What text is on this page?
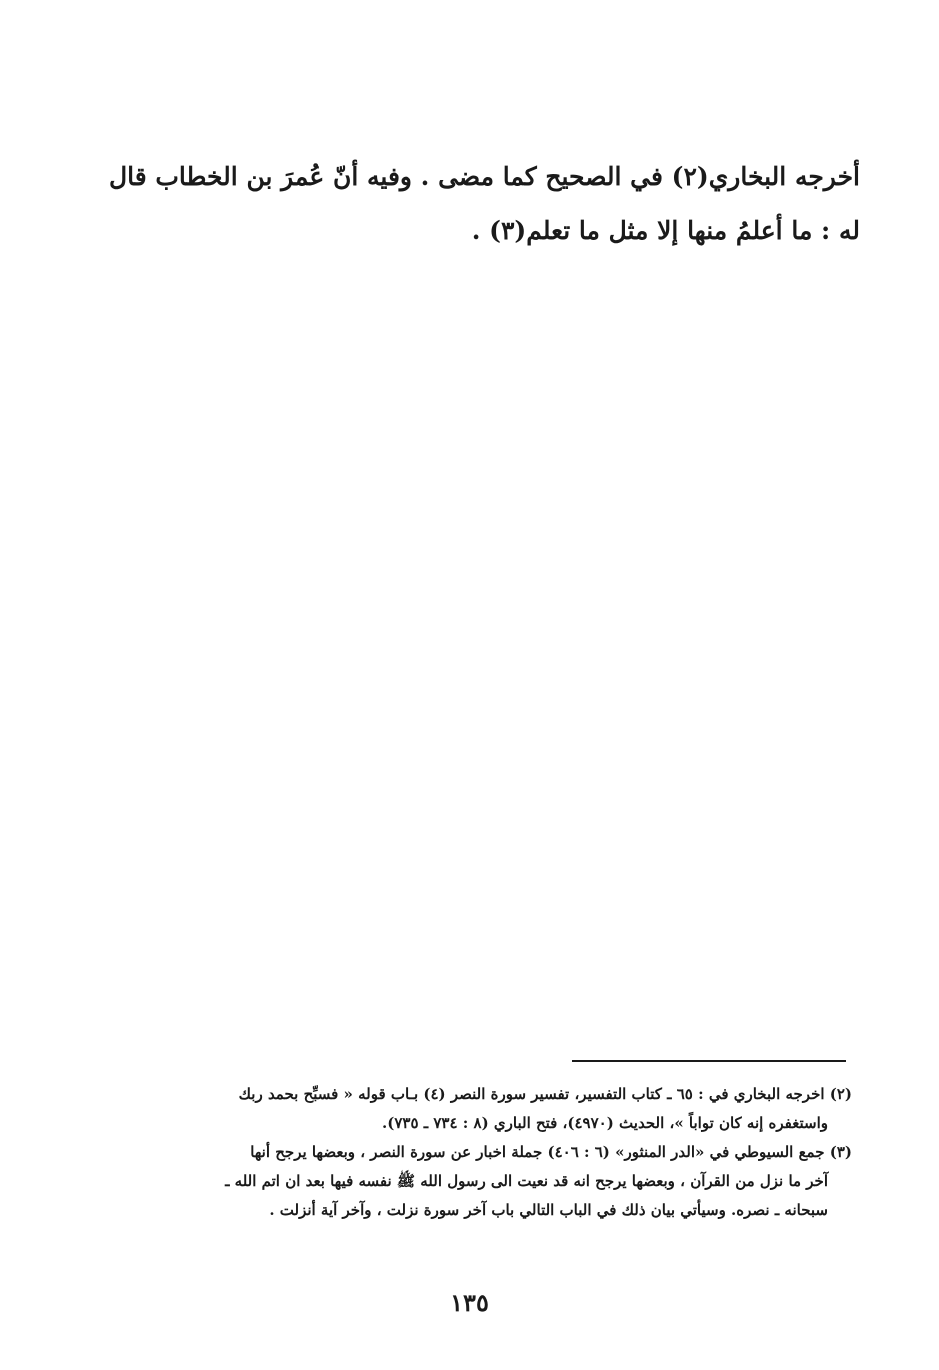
أخرجه البخاري(٢) في الصحيح كما مضى . وفيه أنّ عُمرَ بن الخطاب قال
له : ما أعلمُ منها إلا مثل ما تعلم(٣) .
(٢) اخرجه البخاري في : ٦٥ ـ كتاب التفسير، تفسير سورة النصر (٤) بـاب قوله « فسبِّح بحمد ربك
واستغفره إنه كان تواباً »، الحديث (٤٩٧٠)، فتح الباري (٨ : ٧٣٤ ـ ٧٣٥).
(٣) جمع السيوطي في «الدر المنثور» (٦ : ٤٠٦) جملة اخبار عن سورة النصر ، وبعضها يرجح أنها
آخر ما نزل من القرآن ، وبعضها يرجح انه قد نعيت الى رسول الله ﷺ نفسه فيها بعد ان اتم الله ـ
سبحانه ـ نصره. وسيأتي بيان ذلك في الباب التالي باب آخر سورة نزلت ، وآخر آية أنزلت .
١٣٥
